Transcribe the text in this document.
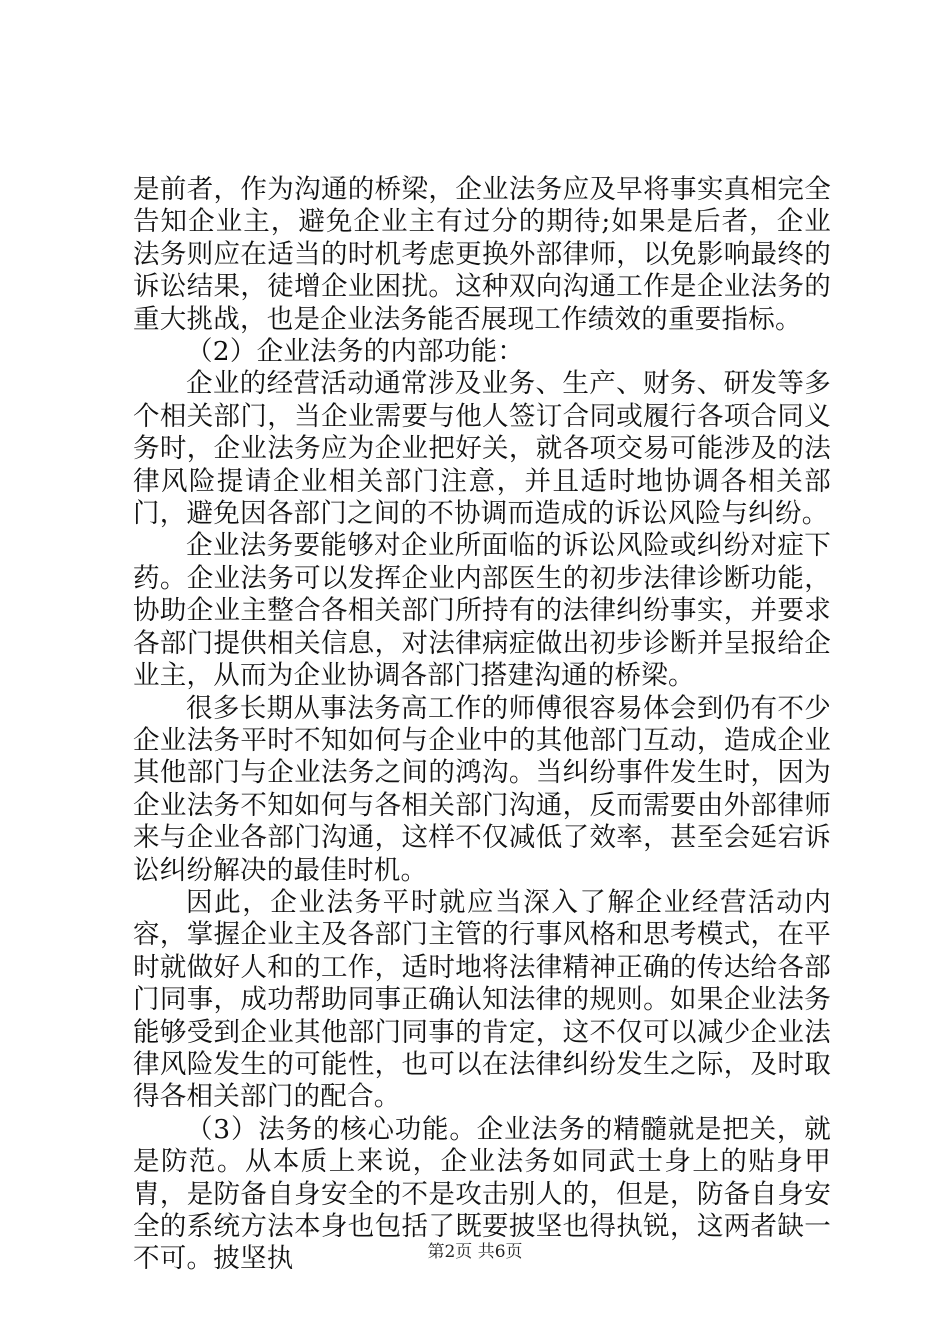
是前者，作为沟通的桥梁，企业法务应及早将事实真相完全告知企业主，避免企业主有过分的期待;如果是后者，企业法务则应在适当的时机考虑更换外部律师，以免影响最终的诉讼结果，徒增企业困扰。这种双向沟通工作是企业法务的重大挑战，也是企业法务能否展现工作绩效的重要指标。

（2）企业法务的内部功能：

企业的经营活动通常涉及业务、生产、财务、研发等多个相关部门，当企业需要与他人签订合同或履行各项合同义务时，企业法务应为企业把好关，就各项交易可能涉及的法律风险提请企业相关部门注意，并且适时地协调各相关部门，避免因各部门之间的不协调而造成的诉讼风险与纠纷。

企业法务要能够对企业所面临的诉讼风险或纠纷对症下药。企业法务可以发挥企业内部医生的初步法律诊断功能，协助企业主整合各相关部门所持有的法律纠纷事实，并要求各部门提供相关信息，对法律病症做出初步诊断并呈报给企业主，从而为企业协调各部门搭建沟通的桥梁。

很多长期从事法务高工作的师傅很容易体会到仍有不少企业法务平时不知如何与企业中的其他部门互动，造成企业其他部门与企业法务之间的鸿沟。当纠纷事件发生时，因为企业法务不知如何与各相关部门沟通，反而需要由外部律师来与企业各部门沟通，这样不仅减低了效率，甚至会延宕诉讼纠纷解决的最佳时机。

因此，企业法务平时就应当深入了解企业经营活动内容，掌握企业主及各部门主管的行事风格和思考模式，在平时就做好人和的工作，适时地将法律精神正确的传达给各部门同事，成功帮助同事正确认知法律的规则。如果企业法务能够受到企业其他部门同事的肯定，这不仅可以减少企业法律风险发生的可能性，也可以在法律纠纷发生之际，及时取得各相关部门的配合。

（3）法务的核心功能。企业法务的精髓就是把关，就是防范。从本质上来说，企业法务如同武士身上的贴身甲胄，是防备自身安全的不是攻击别人的，但是，防备自身安全的系统方法本身也包括了既要披坚也得执锐，这两者缺一不可。披坚执	第2页 共6页
